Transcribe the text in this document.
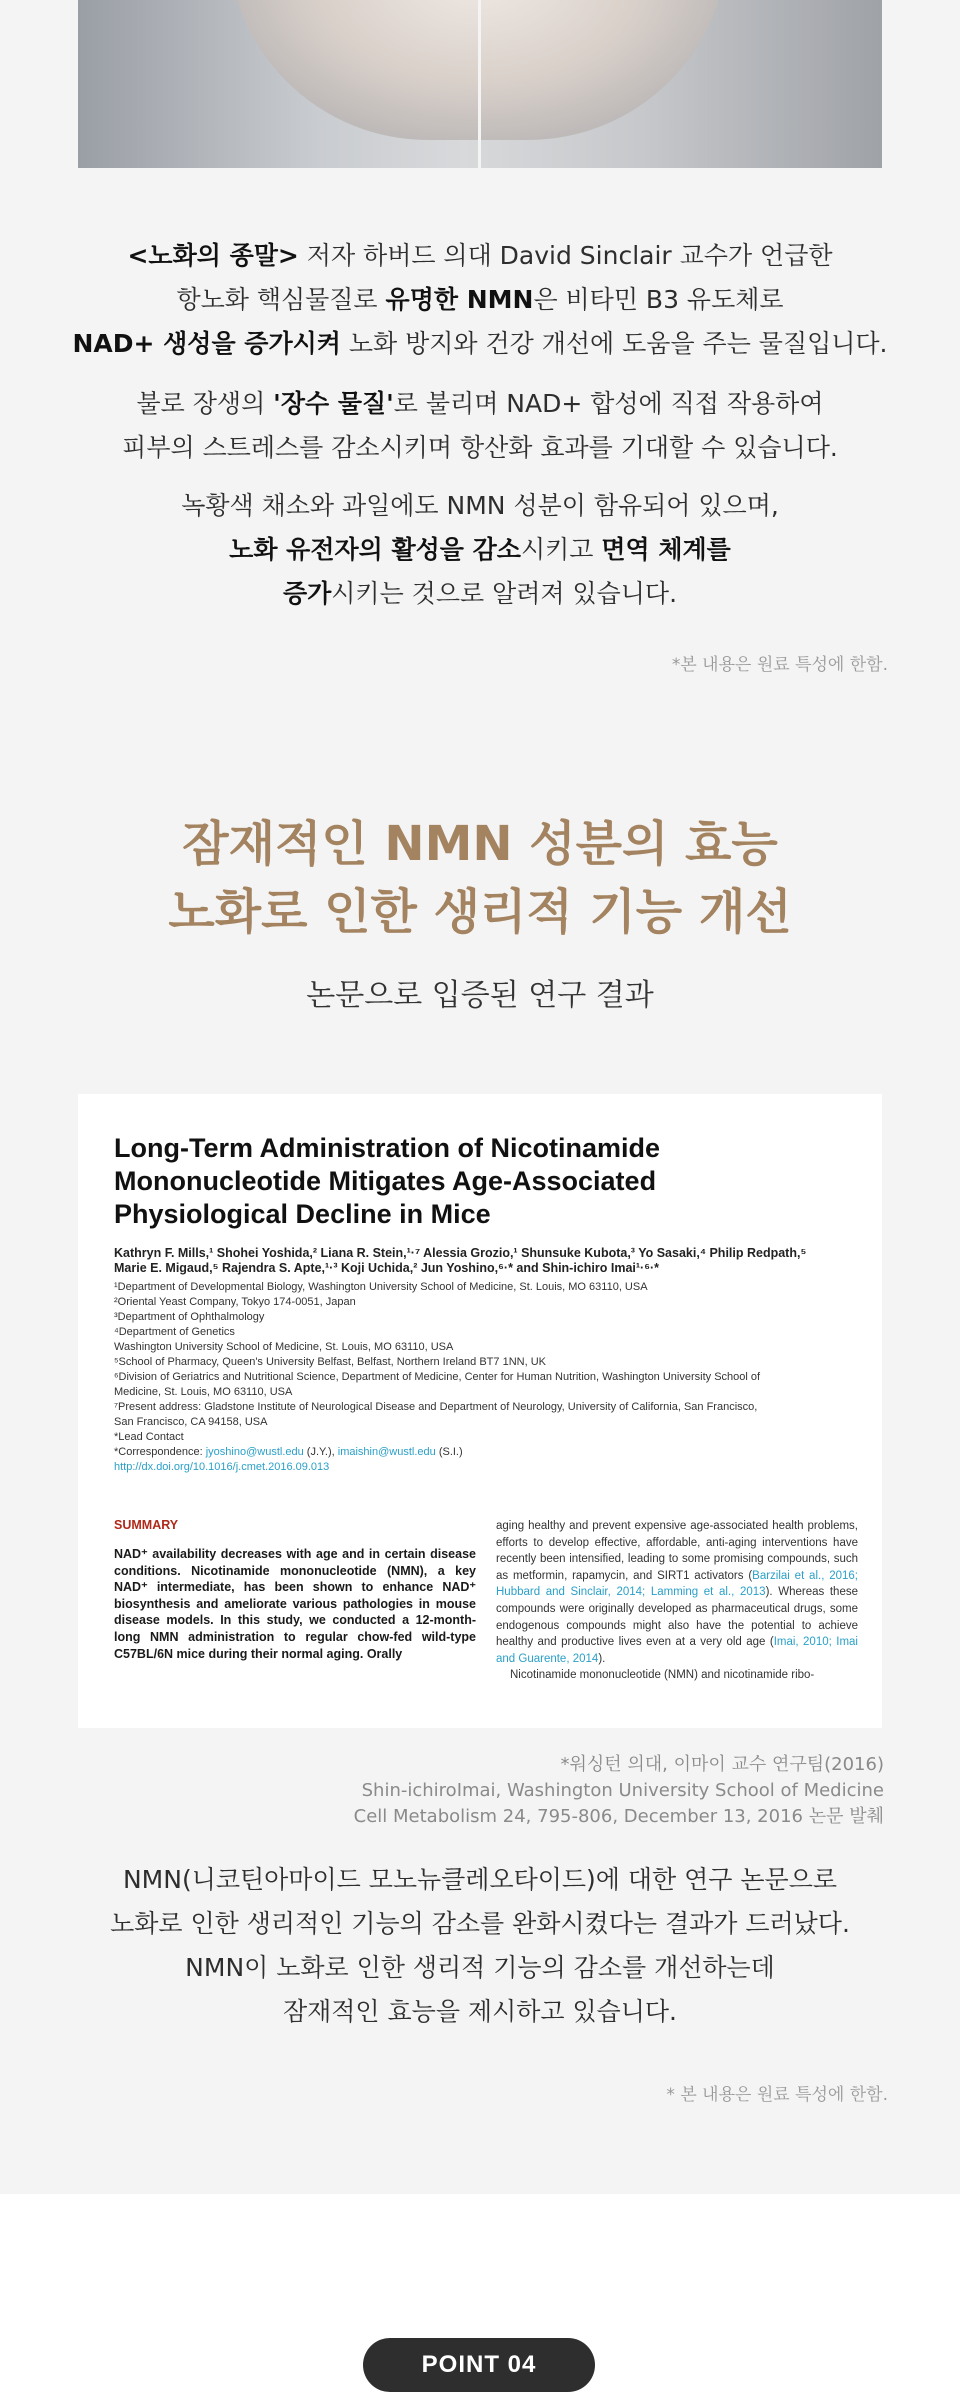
<노화의 종말> 저자 하버드 의대 David Sinclair 교수가 언급한
항노화 핵심물질로 유명한 NMN은 비타민 B3 유도체로
NAD+ 생성을 증가시켜 노화 방지와 건강 개선에 도움을 주는 물질입니다.

불로 장생의 '장수 물질'로 불리며 NAD+ 합성에 직접 작용하여
피부의 스트레스를 감소시키며 항산화 효과를 기대할 수 있습니다.

녹황색 채소와 과일에도 NMN 성분이 함유되어 있으며,
노화 유전자의 활성을 감소시키고 면역 체계를
증가시키는 것으로 알려져 있습니다.

*본 내용은 원료 특성에 한함.

잠재적인 NMN 성분의 효능

노화로 인한 생리적 기능 개선

논문으로 입증된 연구 결과

Long-Term Administration of Nicotinamide
Mononucleotide Mitigates Age-Associated
Physiological Decline in Mice
Kathryn F. Mills,¹ Shohei Yoshida,² Liana R. Stein,¹·⁷ Alessia Grozio,¹ Shunsuke Kubota,³ Yo Sasaki,⁴ Philip Redpath,⁵
Marie E. Migaud,⁵ Rajendra S. Apte,¹·³ Koji Uchida,² Jun Yoshino,⁶·* and Shin-ichiro Imai¹·⁶·*
¹Department of Developmental Biology, Washington University School of Medicine, St. Louis, MO 63110, USA
²Oriental Yeast Company, Tokyo 174-0051, Japan
³Department of Ophthalmology
⁴Department of Genetics
Washington University School of Medicine, St. Louis, MO 63110, USA
⁵School of Pharmacy, Queen's University Belfast, Belfast, Northern Ireland BT7 1NN, UK
⁶Division of Geriatrics and Nutritional Science, Department of Medicine, Center for Human Nutrition, Washington University School of
Medicine, St. Louis, MO 63110, USA
⁷Present address: Gladstone Institute of Neurological Disease and Department of Neurology, University of California, San Francisco,
San Francisco, CA 94158, USA
*Lead Contact
*Correspondence: jyoshino@wustl.edu (J.Y.), imaishin@wustl.edu (S.I.)
http://dx.doi.org/10.1016/j.cmet.2016.09.013
SUMMARY
NAD⁺ availability decreases with age and in certain disease conditions. Nicotinamide mononucleotide (NMN), a key NAD⁺ intermediate, has been shown to enhance NAD⁺ biosynthesis and ameliorate various pathologies in mouse disease models. In this study, we conducted a 12-month-long NMN administration to regular chow-fed wild-type C57BL/6N mice during their normal aging. Orally
aging healthy and prevent expensive age-associated health problems, efforts to develop effective, affordable, anti-aging interventions have recently been intensified, leading to some promising compounds, such as metformin, rapamycin, and SIRT1 activators (Barzilai et al., 2016; Hubbard and Sinclair, 2014; Lamming et al., 2013). Whereas these compounds were originally developed as pharmaceutical drugs, some endogenous compounds might also have the potential to achieve healthy and productive lives even at a very old age (Imai, 2010; Imai and Guarente, 2014).
Nicotinamide mononucleotide (NMN) and nicotinamide ribo-
*워싱턴 의대, 이마이 교수 연구팀(2016)
Shin-ichiroImai, Washington University School of Medicine
Cell Metabolism 24, 795-806, December 13, 2016 논문 발췌
NMN(니코틴아마이드 모노뉴클레오타이드)에 대한 연구 논문으로
노화로 인한 생리적인 기능의 감소를 완화시켰다는 결과가 드러났다.
NMN이 노화로 인한 생리적 기능의 감소를 개선하는데
잠재적인 효능을 제시하고 있습니다.

* 본 내용은 원료 특성에 한함.

POINT 04
